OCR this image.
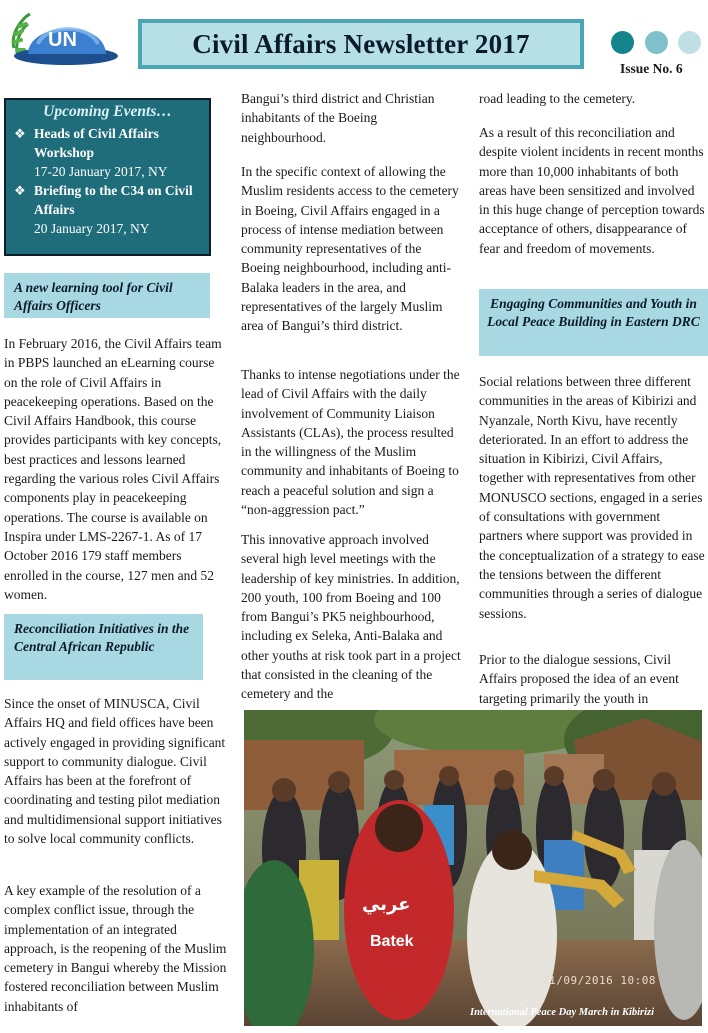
UN	Civil Affairs Newsletter 2017
Issue No. 6
Upcoming Events…
❖ Heads of Civil Affairs Workshop
17-20 January 2017, NY
❖ Briefing to the C34 on Civil Affairs
20 January 2017, NY
A new learning tool for Civil Affairs Officers
In February 2016, the Civil Affairs team in PBPS launched an eLearning course on the role of Civil Affairs in peacekeeping operations. Based on the Civil Affairs Handbook, this course provides participants with key concepts, best practices and lessons learned regarding the various roles Civil Affairs components play in peacekeeping operations. The course is available on Inspira under LMS-2267-1. As of 17 October 2016 179 staff members enrolled in the course, 127 men and 52 women.
Reconciliation Initiatives in the Central African Republic
Since the onset of MINUSCA, Civil Affairs HQ and field offices have been actively engaged in providing significant support to community dialogue. Civil Affairs has been at the forefront of coordinating and testing pilot mediation and multidimensional support initiatives to solve local community conflicts.
A key example of the resolution of a complex conflict issue, through the implementation of an integrated approach, is the reopening of the Muslim cemetery in Bangui whereby the Mission fostered reconciliation between Muslim inhabitants of
Bangui’s third district and Christian inhabitants of the Boeing neighbourhood.
In the specific context of allowing the Muslim residents access to the cemetery in Boeing, Civil Affairs engaged in a process of intense mediation between community representatives of the Boeing neighbourhood, including anti-Balaka leaders in the area, and representatives of the largely Muslim area of Bangui’s third district.
Thanks to intense negotiations under the lead of Civil Affairs with the daily involvement of Community Liaison Assistants (CLAs), the process resulted in the willingness of the Muslim community and inhabitants of Boeing to reach a peaceful solution and sign a “non-aggression pact.”
This innovative approach involved several high level meetings with the leadership of key ministries. In addition, 200 youth, 100 from Boeing and 100 from Bangui’s PK5 neighbourhood, including ex Seleka, Anti-Balaka and other youths at risk took part in a project that consisted in the cleaning of the cemetery and the
road leading to the cemetery.
As a result of this reconciliation and despite violent incidents in recent months more than 10,000 inhabitants of both areas have been sensitized and involved in this huge change of perception towards acceptance of others, disappearance of fear and freedom of movements.
Engaging Communities and Youth in Local Peace Building in Eastern DRC
Social relations between three different communities in the areas of Kibirizi and Nyanzale, North Kivu, have recently deteriorated. In an effort to address the situation in Kibirizi, Civil Affairs, together with representatives from other MONUSCO sections, engaged in a series of consultations with government partners where support was provided in the conceptualization of a strategy to ease the tensions between the different communities through a series of dialogue sessions.
Prior to the dialogue sessions, Civil Affairs proposed the idea of an event targeting primarily the youth in
عربي
Batek
21/09/2016 10:08
International Peace Day March in Kibirizi
